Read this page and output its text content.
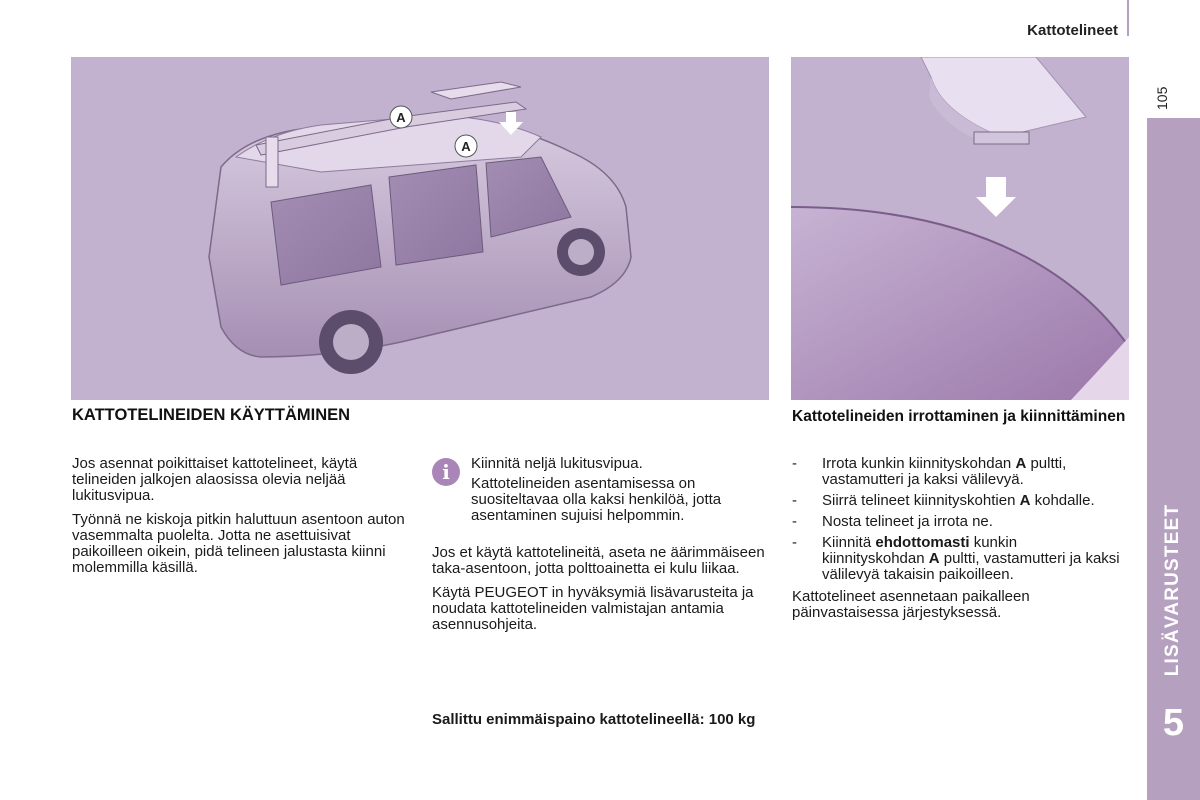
Kattotelineet
105
LISÄVARUSTEET
5
A
A
KATTOTELINEIDEN KÄYTTÄMINEN	Kattotelineiden irrottaminen ja kiinnittäminen

Jos asennat poikittaiset kattotelineet, käytä telineiden jalkojen alaosissa olevia neljää lukitusvipua.

Työnnä ne kiskoja pitkin haluttuun asentoon auton vasemmalta puolelta. Jotta ne asettuisivat paikoilleen oikein, pidä telineen jalustasta kiinni molemmilla käsillä.

i	Kiinnitä neljä lukitusvipua.

Kattotelineiden asentamisessa on suositeltavaa olla kaksi henkilöä, jotta asentaminen sujuisi helpommin.

Jos et käytä kattotelineitä, aseta ne äärimmäiseen taka-asentoon, jotta polttoainetta ei kulu liikaa.

Käytä PEUGEOT in hyväksymiä lisävarusteita ja noudata kattotelineiden valmistajan antamia asennusohjeita.

Sallittu enimmäispaino kattotelineellä: 100 kg
- Irrota kunkin kiinnityskohdan A pultti, vastamutteri ja kaksi välilevyä.
- Siirrä telineet kiinnityskohtien A kohdalle.
- Nosta telineet ja irrota ne.
- Kiinnitä ehdottomasti kunkin kiinnityskohdan A pultti, vastamutteri ja kaksi välilevyä takaisin paikoilleen.

Kattotelineet asennetaan paikalleen päinvastaisessa järjestyksessä.
